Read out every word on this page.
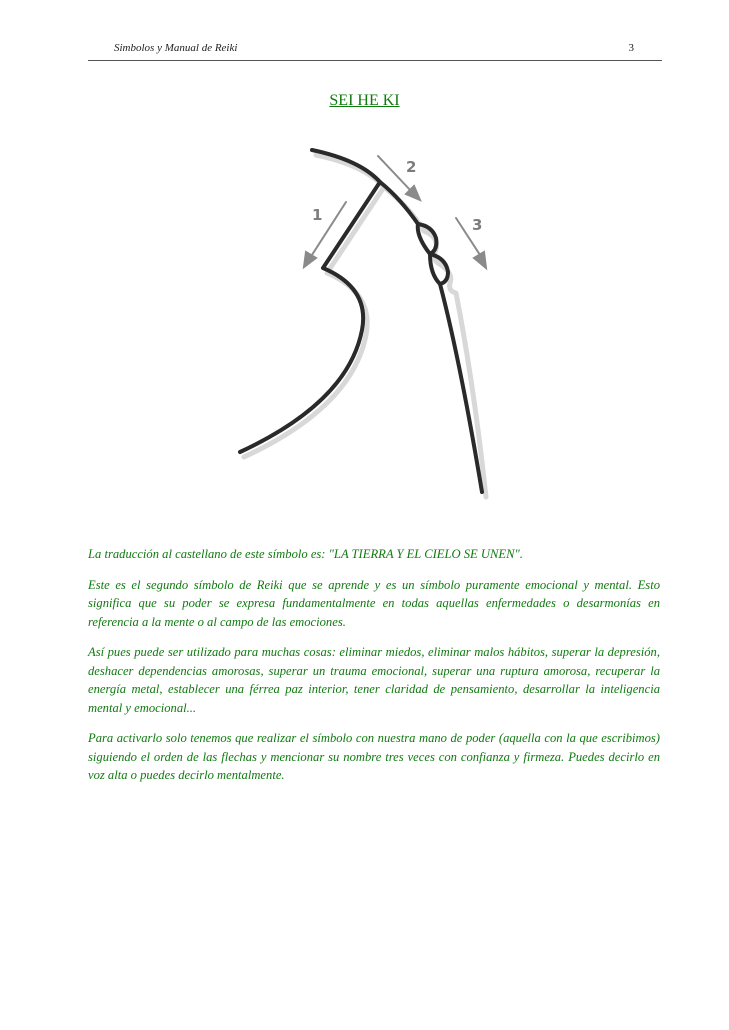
Simbolos y Manual de Reiki	3
SEI HE KI
1
2
3

La traducción al castellano de este símbolo es: "LA TIERRA Y EL CIELO SE UNEN".

Este es el segundo símbolo de Reiki que se aprende y es un símbolo puramente emocional y mental. Esto significa que su poder se expresa fundamentalmente en todas aquellas enfermedades o desarmonías en referencia a la mente o al campo de las emociones.

Así pues puede ser utilizado para muchas cosas: eliminar miedos, eliminar malos hábitos, superar la depresión, deshacer dependencias amorosas, superar un trauma emocional, superar una ruptura amorosa, recuperar la energía metal, establecer una férrea paz interior, tener claridad de pensamiento, desarrollar la inteligencia mental y emocional...

Para activarlo solo tenemos que realizar el símbolo con nuestra mano de poder (aquella con la que escribimos) siguiendo el orden de las flechas y mencionar su nombre tres veces con confianza y firmeza. Puedes decirlo en voz alta o puedes decirlo mentalmente.
